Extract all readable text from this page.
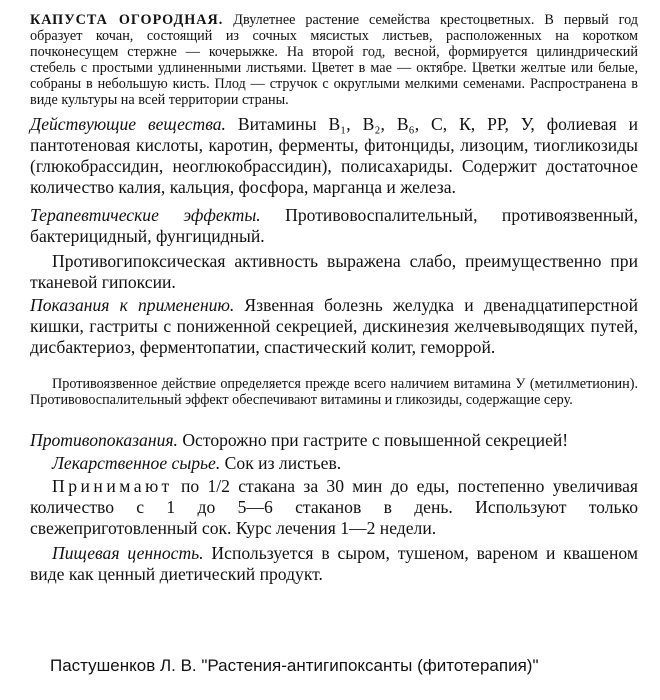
КАПУСТА ОГОРОДНАЯ. Двулетнее растение семейства крестоцветных. В первый год образует кочан, состоящий из сочных мясистых листьев, расположенных на коротком почконесущем стержне — кочерыжке. На второй год, весной, формируется цилиндрический стебель с простыми удлиненными листьями. Цветет в мае — октябре. Цветки желтые или белые, собраны в небольшую кисть. Плод — стручок с округлыми мелкими семенами. Распространена в виде культуры на всей территории страны.

Действующие вещества. Витамины B₁, B₂, B₆, С, К, РР, У, фолиевая и пантотеновая кислоты, каротин, ферменты, фитонциды, лизоцим, тиогликозиды (глюкобрассидин, неоглюкобрассидин), полисахариды. Содержит достаточное количество калия, кальция, фосфора, марганца и железа.

Терапевтические эффекты. Противовоспалительный, противоязвенный, бактерицидный, фунгицидный.

Противогипоксическая активность выражена слабо, преимущественно при тканевой гипоксии.

Показания к применению. Язвенная болезнь желудка и двенадцатиперстной кишки, гастриты с пониженной секрецией, дискинезия желчевыводящих путей, дисбактериоз, ферментопатии, спастический колит, геморрой.

Противоязвенное действие определяется прежде всего наличием витамина У (метилметионин). Противовоспалительный эффект обеспечивают витамины и гликозиды, содержащие серу.

Противопоказания. Осторожно при гастрите с повышенной секрецией!

Лекарственное сырье. Сок из листьев.

Принимают по 1/2 стакана за 30 мин до еды, постепенно увеличивая количество с 1 до 5—6 стаканов в день. Используют только свежеприготовленный сок. Курс лечения 1—2 недели.

Пищевая ценность. Используется в сыром, тушеном, вареном и квашеном виде как ценный диетический продукт.

Пастушенков Л. В. "Растения-антигипоксанты (фитотерапия)"
